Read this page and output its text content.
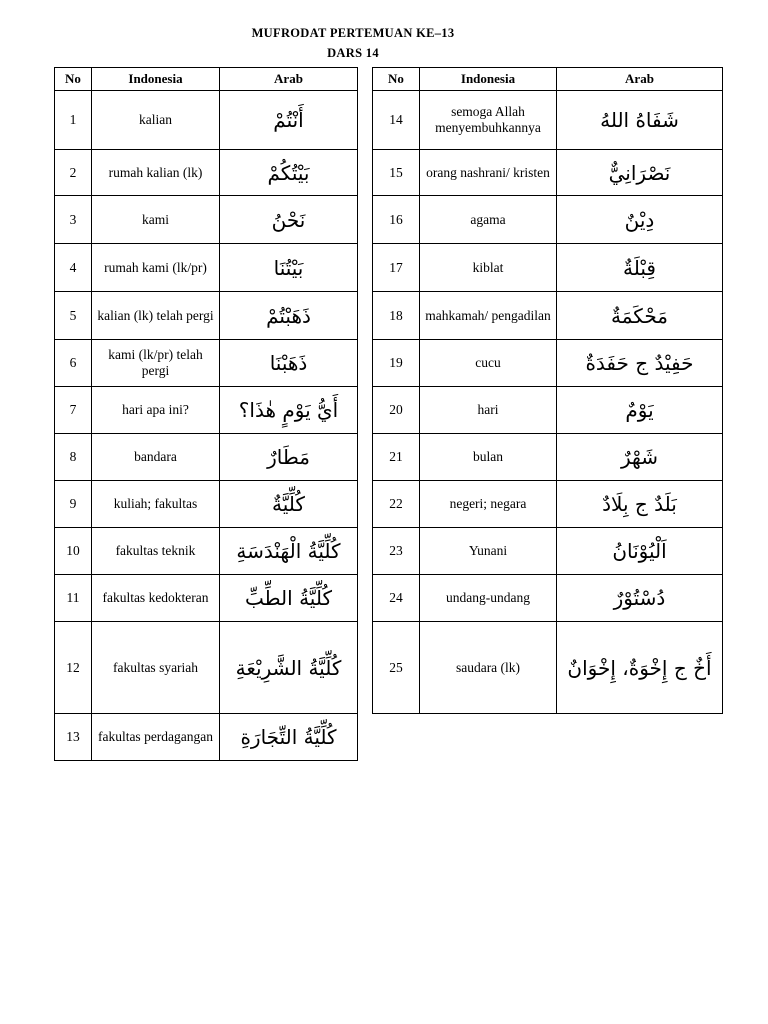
MUFRODAT PERTEMUAN KE–13
DARS 14
No	Indonesia	Arab
1	kalian	أَنْتُمْ
2	rumah kalian (lk)	بَيْتُكُمْ
3	kami	نَحْنُ
4	rumah kami (lk/pr)	بَيْتُنَا
5	kalian (lk) telah pergi	ذَهَبْتُمْ
6	kami (lk/pr) telah pergi	ذَهَبْنَا
7	hari apa ini?	أَيُّ يَوْمٍ هٰذَا؟
8	bandara	مَطَارٌ
9	kuliah; fakultas	كُلِّيَّةٌ
10	fakultas teknik	كُلِّيَّةُ الْهَنْدَسَةِ
11	fakultas kedokteran	كُلِّيَّةُ الطِّبِّ
12	fakultas syariah	كُلِّيَّةُ الشَّرِيْعَةِ
13	fakultas perdagangan	كُلِّيَّةُ التِّجَارَةِ
No	Indonesia	Arab
14	semoga Allah menyembuhkannya	شَفَاهُ اللهُ
15	orang nashrani/ kristen	نَصْرَانِيٌّ
16	agama	دِيْنٌ
17	kiblat	قِبْلَةٌ
18	mahkamah/ pengadilan	مَحْكَمَةٌ
19	cucu	حَفِيْدٌ ج حَفَدَةٌ
20	hari	يَوْمٌ
21	bulan	شَهْرٌ
22	negeri; negara	بَلَدٌ ج بِلَادٌ
23	Yunani	اَلْيُوْنَانُ
24	undang-undang	دُسْتُوْرٌ
25	saudara (lk)	أَخٌ ج إِخْوَةٌ، إِخْوَانٌ
